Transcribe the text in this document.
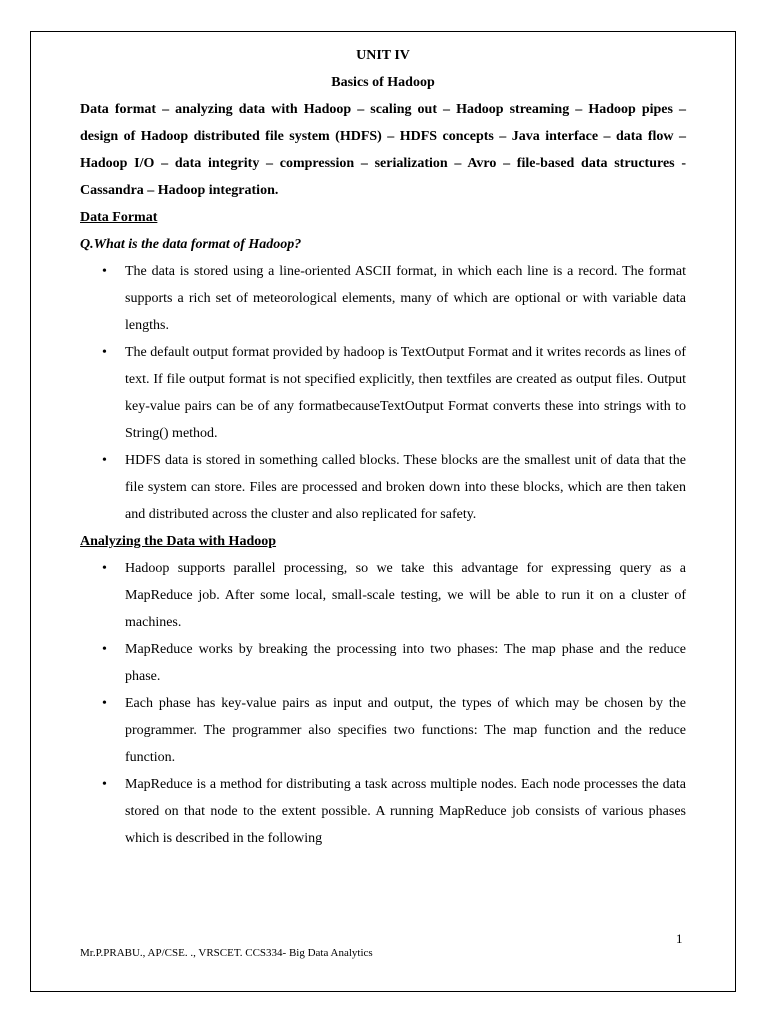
UNIT IV
Basics of Hadoop

Data format – analyzing data with Hadoop – scaling out – Hadoop streaming – Hadoop pipes – design of Hadoop distributed file system (HDFS) – HDFS concepts – Java interface – data flow – Hadoop I/O – data integrity – compression – serialization – Avro – file-based data structures - Cassandra – Hadoop integration.

Data Format

Q.What is the data format of Hadoop?

• The data is stored using a line-oriented ASCII format, in which each line is a record. The format supports a rich set of meteorological elements, many of which are optional or with variable data lengths.
• The default output format provided by hadoop is TextOutput Format and it writes records as lines of text. If file output format is not specified explicitly, then textfiles are created as output files. Output key-value pairs can be of any formatbecauseTextOutput Format converts these into strings with to String() method.
• HDFS data is stored in something called blocks. These blocks are the smallest unit of data that the file system can store. Files are processed and broken down into these blocks, which are then taken and distributed across the cluster and also replicated for safety.

Analyzing the Data with Hadoop

• Hadoop supports parallel processing, so we take this advantage for expressing query as a MapReduce job. After some local, small-scale testing, we will be able to run it on a cluster of machines.
• MapReduce works by breaking the processing into two phases: The map phase and the reduce phase.
• Each phase has key-value pairs as input and output, the types of which may be chosen by the programmer. The programmer also specifies two functions: The map function and the reduce function.
• MapReduce is a method for distributing a task across multiple nodes. Each node processes the data stored on that node to the extent possible. A running MapReduce job consists of various phases which is described in the following
1
Mr.P.PRABU., AP/CSE. ., VRSCET. CCS334- Big Data Analytics
